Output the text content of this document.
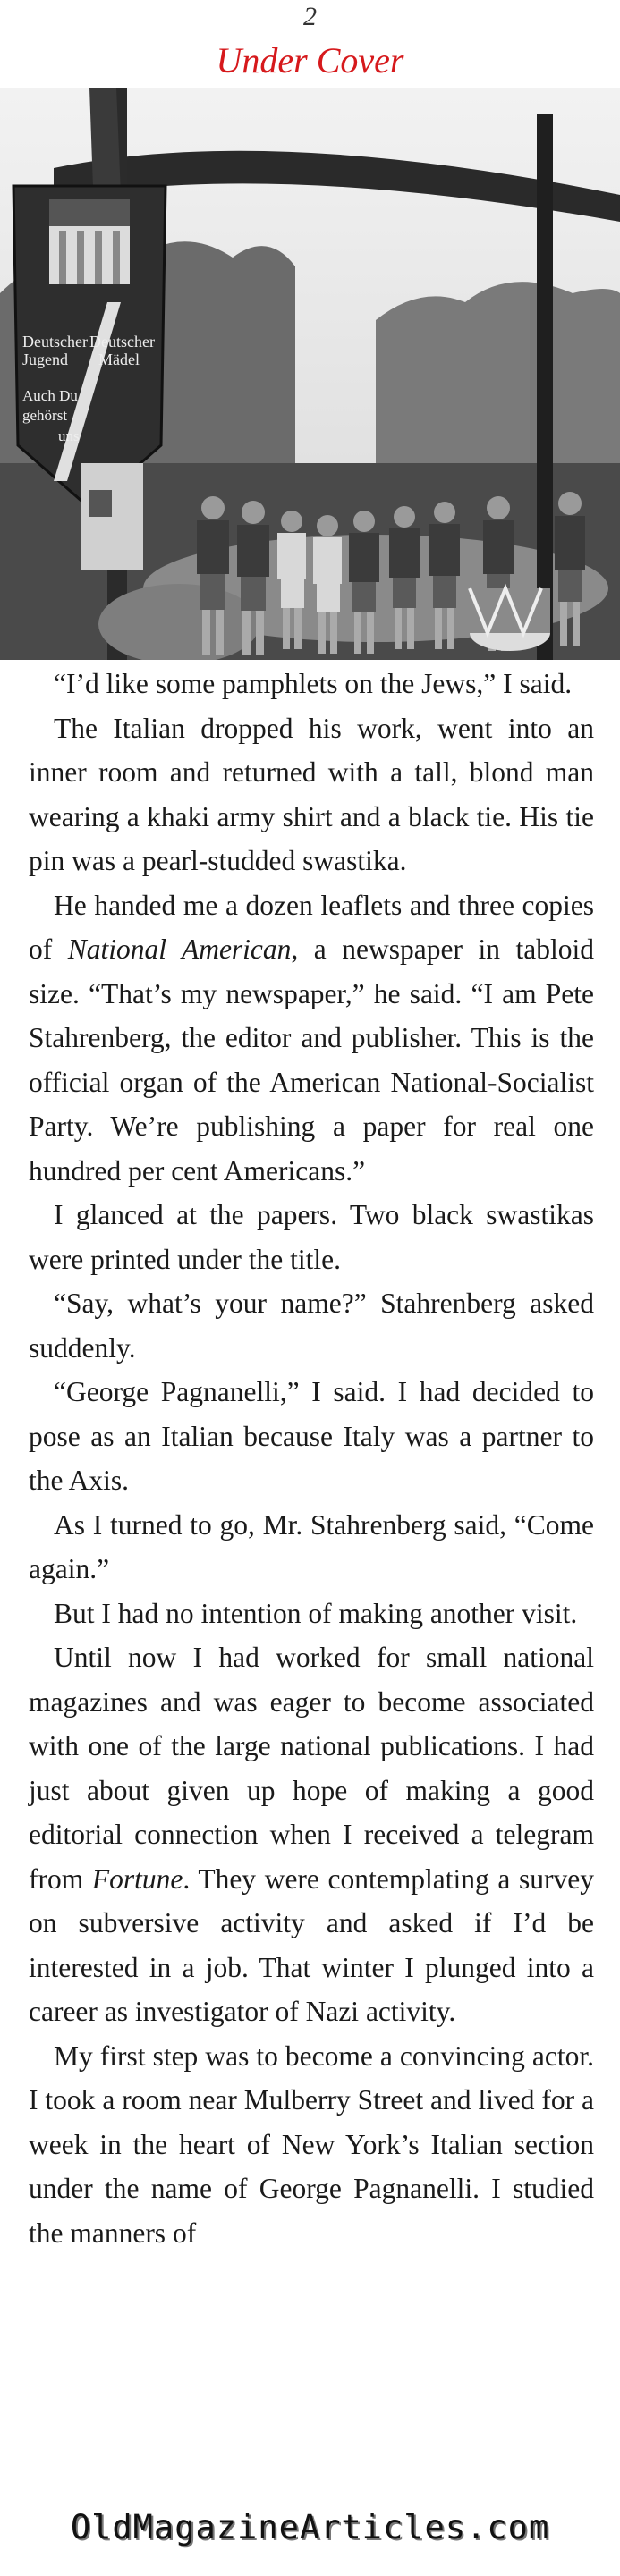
2
Under Cover
Deutscher
Jugend
Deutscher
Mädel
Auch Du
gehörst
uns

“I’d like some pamphlets on the Jews,” I said.

The Italian dropped his work, went into an inner room and returned with a tall, blond man wearing a khaki army shirt and a black tie. His tie pin was a pearl-studded swastika.

He handed me a dozen leaflets and three copies of National American, a newspaper in tabloid size. “That’s my newspaper,” he said. “I am Pete Stahrenberg, the editor and publisher. This is the official organ of the American National-Socialist Party. We’re publishing a paper for real one hundred per cent Americans.”

I glanced at the papers. Two black swastikas were printed under the title.

“Say, what’s your name?” Stahrenberg asked suddenly.

“George Pagnanelli,” I said. I had decided to pose as an Italian because Italy was a partner to the Axis.

As I turned to go, Mr. Stahrenberg said, “Come again.”

But I had no intention of making another visit.

Until now I had worked for small national magazines and was eager to become associated with one of the large national publications. I had just about given up hope of making a good editorial connection when I received a telegram from Fortune. They were contemplating a survey on subversive activity and asked if I’d be interested in a job. That winter I plunged into a career as investigator of Nazi activity.

My first step was to become a convincing actor. I took a room near Mulberry Street and lived for a week in the heart of New York’s Italian section under the name of George Pagnanelli. I studied the manners of

OldMagazineArticles.com
